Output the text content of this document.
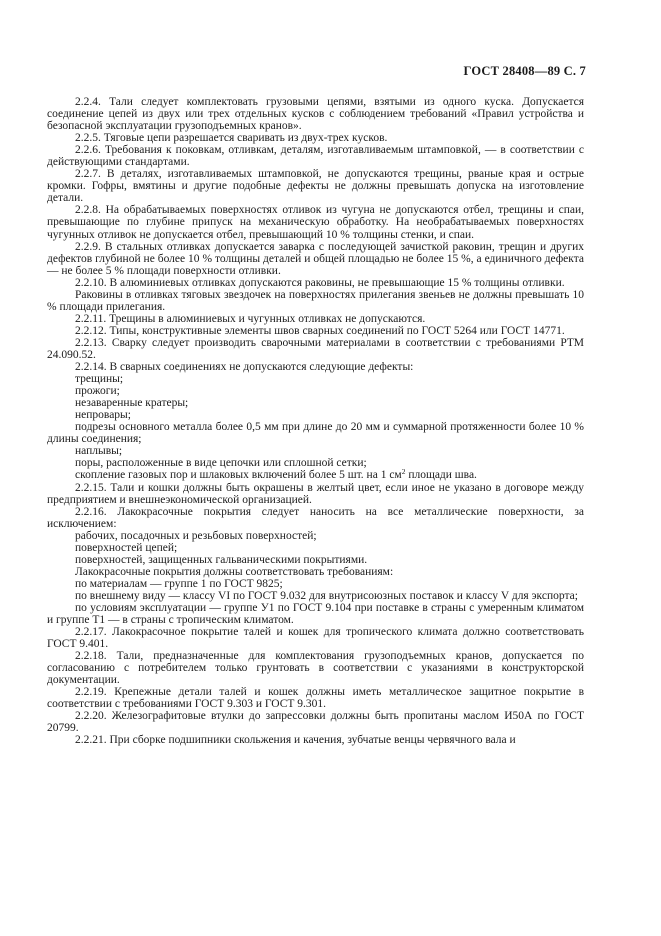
ГОСТ 28408—89 С. 7

2.2.4. Тали следует комплектовать грузовыми цепями, взятыми из одного куска. Допускается соединение цепей из двух или трех отдельных кусков с соблюдением требований «Правил устройства и безопасной эксплуатации грузоподъемных кранов».

2.2.5. Тяговые цепи разрешается сваривать из двух-трех кусков.

2.2.6. Требования к поковкам, отливкам, деталям, изготавливаемым штамповкой, — в соответствии с действующими стандартами.

2.2.7. В деталях, изготавливаемых штамповкой, не допускаются трещины, рваные края и острые кромки. Гофры, вмятины и другие подобные дефекты не должны превышать допуска на изготовление детали.

2.2.8. На обрабатываемых поверхностях отливок из чугуна не допускаются отбел, трещины и спаи, превышающие по глубине припуск на механическую обработку. На необрабатываемых поверхностях чугунных отливок не допускается отбел, превышающий 10 % толщины стенки, и спаи.

2.2.9. В стальных отливках допускается заварка с последующей зачисткой раковин, трещин и других дефектов глубиной не более 10 % толщины деталей и общей площадью не более 15 %, а единичного дефекта — не более 5 % площади поверхности отливки.

2.2.10. В алюминиевых отливках допускаются раковины, не превышающие 15 % толщины отливки.

Раковины в отливках тяговых звездочек на поверхностях прилегания звеньев не должны превышать 10 % площади прилегания.

2.2.11. Трещины в алюминиевых и чугунных отливках не допускаются.

2.2.12. Типы, конструктивные элементы швов сварных соединений по ГОСТ 5264 или ГОСТ 14771.

2.2.13. Сварку следует производить сварочными материалами в соответствии с требованиями РТМ 24.090.52.

2.2.14. В сварных соединениях не допускаются следующие дефекты:

трещины;

прожоги;

незаваренные кратеры;

непровары;

подрезы основного металла более 0,5 мм при длине до 20 мм и суммарной протяженности более 10 % длины соединения;

наплывы;

поры, расположенные в виде цепочки или сплошной сетки;

скопление газовых пор и шлаковых включений более 5 шт. на 1 $см^2$ площади шва.

2.2.15. Тали и кошки должны быть окрашены в желтый цвет, если иное не указано в договоре между предприятием и внешнеэкономической организацией.

2.2.16. Лакокрасочные покрытия следует наносить на все металлические поверхности, за исключением:

рабочих, посадочных и резьбовых поверхностей;

поверхностей цепей;

поверхностей, защищенных гальваническими покрытиями.

Лакокрасочные покрытия должны соответствовать требованиям:

по материалам — группе 1 по ГОСТ 9825;

по внешнему виду — классу VI по ГОСТ 9.032 для внутрисоюзных поставок и классу V для экспорта;

по условиям эксплуатации — группе У1 по ГОСТ 9.104 при поставке в страны с умеренным климатом и группе Т1 — в страны с тропическим климатом.

2.2.17. Лакокрасочное покрытие талей и кошек для тропического климата должно соответствовать ГОСТ 9.401.

2.2.18. Тали, предназначенные для комплектования грузоподъемных кранов, допускается по согласованию с потребителем только грунтовать в соответствии с указаниями в конструкторской документации.

2.2.19. Крепежные детали талей и кошек должны иметь металлическое защитное покрытие в соответствии с требованиями ГОСТ 9.303 и ГОСТ 9.301.

2.2.20. Железографитовые втулки до запрессовки должны быть пропитаны маслом И50А по ГОСТ 20799.

2.2.21. При сборке подшипники скольжения и качения, зубчатые венцы червячного вала и
